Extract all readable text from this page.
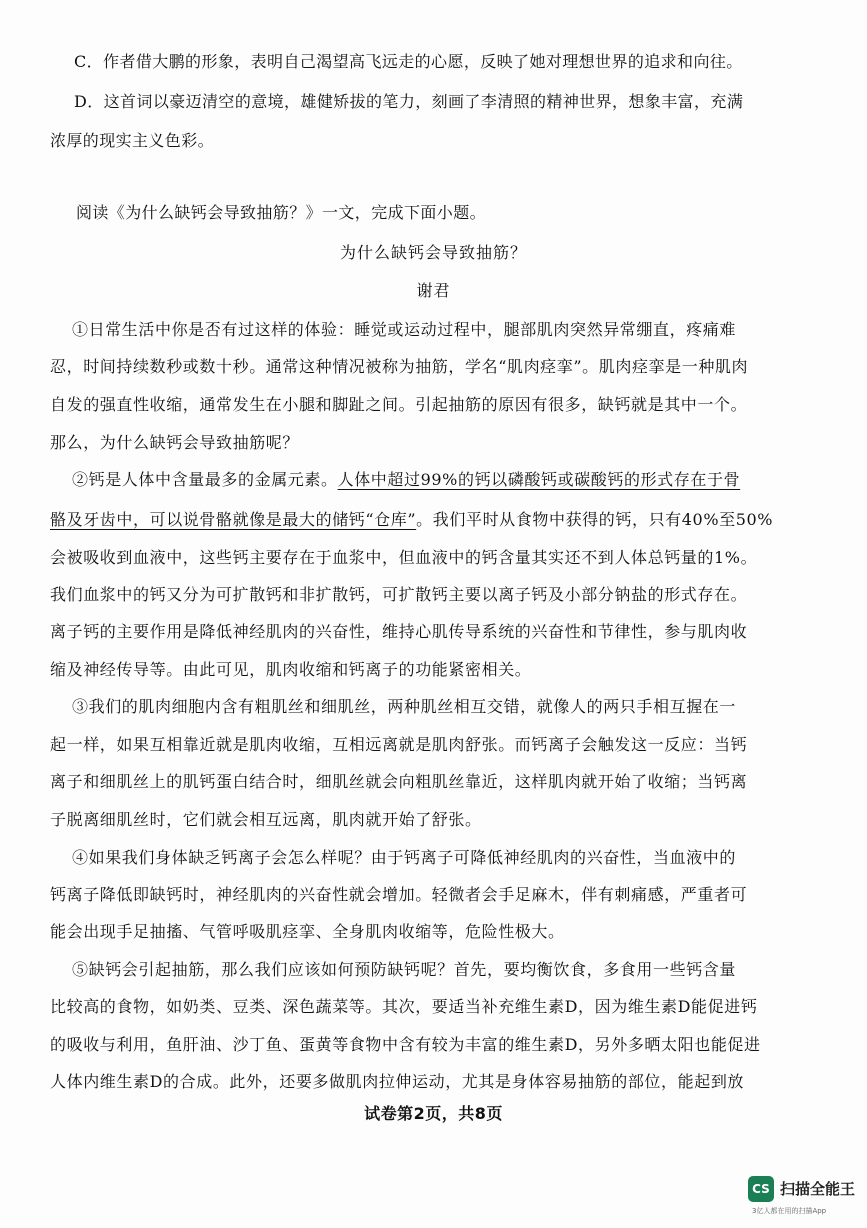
C．作者借大鹏的形象，表明自己渴望高飞远走的心愿，反映了她对理想世界的追求和向往。
D．这首词以豪迈清空的意境，雄健矫拔的笔力，刻画了李清照的精神世界，想象丰富，充满
浓厚的现实主义色彩。
阅读《为什么缺钙会导致抽筋？》一文，完成下面小题。
为什么缺钙会导致抽筋？
谢君
①日常生活中你是否有过这样的体验：睡觉或运动过程中，腿部肌肉突然异常绷直，疼痛难
忍，时间持续数秒或数十秒。通常这种情况被称为抽筋，学名“肌肉痉挛”。肌肉痉挛是一种肌肉
自发的强直性收缩，通常发生在小腿和脚趾之间。引起抽筋的原因有很多，缺钙就是其中一个。
那么，为什么缺钙会导致抽筋呢？
②钙是人体中含量最多的金属元素。人体中超过99%的钙以磷酸钙或碳酸钙的形式存在于骨
骼及牙齿中，可以说骨骼就像是最大的储钙“仓库”。我们平时从食物中获得的钙，只有40%至50%
会被吸收到血液中，这些钙主要存在于血浆中，但血液中的钙含量其实还不到人体总钙量的1%。
我们血浆中的钙又分为可扩散钙和非扩散钙，可扩散钙主要以离子钙及小部分钠盐的形式存在。
离子钙的主要作用是降低神经肌肉的兴奋性，维持心肌传导系统的兴奋性和节律性，参与肌肉收
缩及神经传导等。由此可见，肌肉收缩和钙离子的功能紧密相关。
③我们的肌肉细胞内含有粗肌丝和细肌丝，两种肌丝相互交错，就像人的两只手相互握在一
起一样，如果互相靠近就是肌肉收缩，互相远离就是肌肉舒张。而钙离子会触发这一反应：当钙
离子和细肌丝上的肌钙蛋白结合时，细肌丝就会向粗肌丝靠近，这样肌肉就开始了收缩；当钙离
子脱离细肌丝时，它们就会相互远离，肌肉就开始了舒张。
④如果我们身体缺乏钙离子会怎么样呢？由于钙离子可降低神经肌肉的兴奋性，当血液中的
钙离子降低即缺钙时，神经肌肉的兴奋性就会增加。轻微者会手足麻木，伴有刺痛感，严重者可
能会出现手足抽搐、气管呼吸肌痉挛、全身肌肉收缩等，危险性极大。
⑤缺钙会引起抽筋，那么我们应该如何预防缺钙呢？首先，要均衡饮食，多食用一些钙含量
比较高的食物，如奶类、豆类、深色蔬菜等。其次，要适当补充维生素D，因为维生素D能促进钙
的吸收与利用，鱼肝油、沙丁鱼、蛋黄等食物中含有较为丰富的维生素D，另外多晒太阳也能促进
人体内维生素D的合成。此外，还要多做肌肉拉伸运动，尤其是身体容易抽筋的部位，能起到放
试卷第2页，共8页
CS 扫描全能王
3亿人都在用的扫描App
